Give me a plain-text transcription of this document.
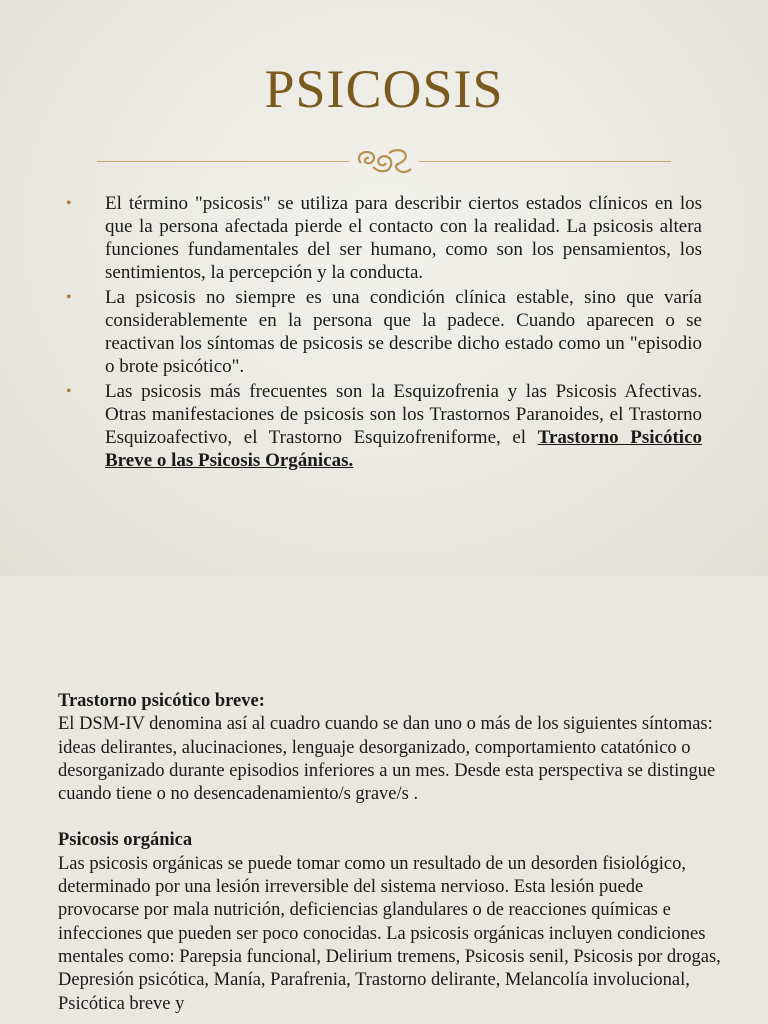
PSICOSIS
• El término "psicosis" se utiliza para describir ciertos estados clínicos en los que la persona afectada pierde el contacto con la realidad. La psicosis altera funciones fundamentales del ser humano, como son los pensamientos, los sentimientos, la percepción y la conducta.
• La psicosis no siempre es una condición clínica estable, sino que varía considerablemente en la persona que la padece. Cuando aparecen o se reactivan los síntomas de psicosis se describe dicho estado como un "episodio o brote psicótico".
• Las psicosis más frecuentes son la Esquizofrenia y las Psicosis Afectivas. Otras manifestaciones de psicosis son los Trastornos Paranoides, el Trastorno Esquizoafectivo, el Trastorno Esquizofreniforme, el Trastorno Psicótico Breve o las Psicosis Orgánicas.

Trastorno psicótico breve:

El DSM-IV denomina así al cuadro cuando se dan uno o más de los siguientes síntomas: ideas delirantes, alucinaciones, lenguaje desorganizado, comportamiento catatónico o desorganizado durante episodios inferiores a un mes. Desde esta perspectiva se distingue cuando tiene o no desencadenamiento/s grave/s .

Psicosis orgánica

Las psicosis orgánicas se puede tomar como un resultado de un desorden fisiológico, determinado por una lesión irreversible del sistema nervioso. Esta lesión puede provocarse por mala nutrición, deficiencias glandulares o de reacciones químicas e infecciones que pueden ser poco conocidas. La psicosis orgánicas incluyen condiciones mentales como: Parepsia funcional, Delirium tremens, Psicosis senil, Psicosis por drogas, Depresión psicótica, Manía, Parafrenia, Trastorno delirante, Melancolía involucional, Psicótica breve y
